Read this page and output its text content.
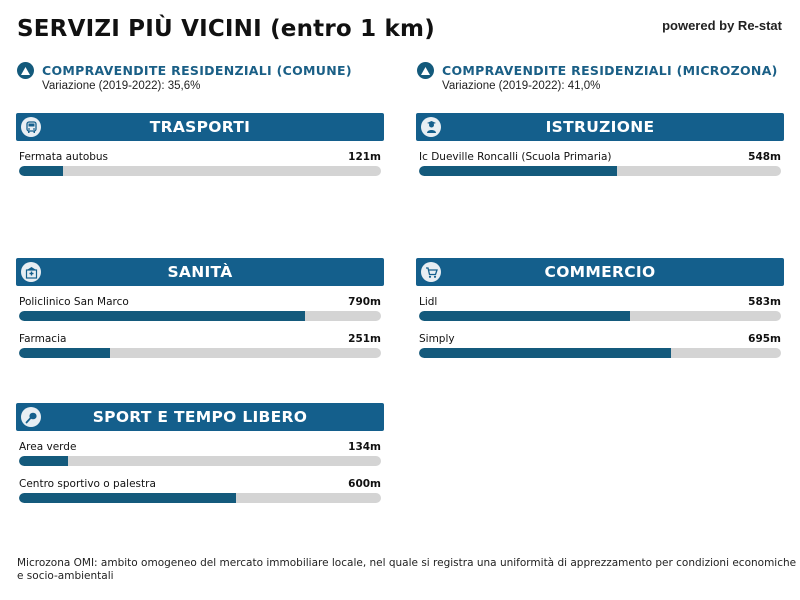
SERVIZI PIÙ VICINI (entro 1 km)	powered by Re-stat
COMPRAVENDITE RESIDENZIALI (COMUNE)
Variazione (2019-2022): 35,6%
COMPRAVENDITE RESIDENZIALI (MICROZONA)
Variazione (2019-2022): 41,0%
TRASPORTI
Fermata autobus	121m
ISTRUZIONE
Ic Dueville Roncalli (Scuola Primaria)	548m
SANITÀ
Policlinico San Marco	790m
Farmacia	251m
COMMERCIO
Lidl	583m
Simply	695m
SPORT E TEMPO LIBERO
Area verde	134m
Centro sportivo o palestra	600m
Microzona OMI: ambito omogeneo del mercato immobiliare locale, nel quale si registra una uniformità di apprezzamento per condizioni economiche e socio-ambientali
